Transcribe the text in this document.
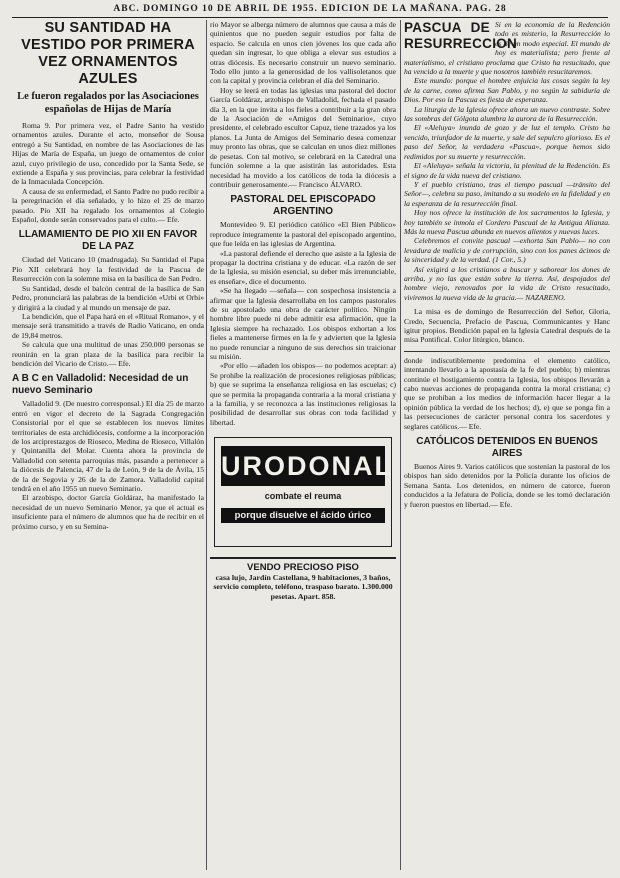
ABC. DOMINGO 10 DE ABRIL DE 1955. EDICION DE LA MAÑANA. PAG. 28
SU SANTIDAD HA VESTIDO POR PRIMERA VEZ ORNAMENTOS AZULES
Le fueron regalados por las Asociaciones españolas de Hijas de María

Roma 9. Por primera vez, el Padre Santo ha vestido ornamentos azules. Durante el acto, monseñor de Sousa entregó a Su Santidad, en nombre de las Asociaciones de las Hijas de María de España, un juego de ornamentos de color azul, cuyo privilegio de uso, concedido por la Santa Sede, se extiende a España y sus provincias, para celebrar la festividad de la Inmaculada Concepción.

A causa de su enfermedad, el Santo Padre no pudo recibir a la peregrinación el día señalado, y lo hizo el 25 de marzo pasado. Pío XII ha regalado los ornamentos al Colegio Español, donde serán conservados para el culto.— Efe.

LLAMAMIENTO DE PIO XII EN FAVOR DE LA PAZ

Ciudad del Vaticano 10 (madrugada). Su Santidad el Papa Pío XII celebrará hoy la festividad de la Pascua de Resurrección con la solemne misa en la basílica de San Pedro.

Su Santidad, desde el balcón central de la basílica de San Pedro, pronunciará las palabras de la bendición «Urbi et Orbi» y dirigirá a la ciudad y al mundo un mensaje de paz.

La bendición, que el Papa hará en el «Ritual Romano», y el mensaje será transmitido a través de Radio Vaticano, en onda de 19,84 metros.

Se calcula que una multitud de unas 250.000 personas se reunirán en la gran plaza de la basílica para recibir la bendición del Vicario de Cristo.— Efe.

A B C en Valladolid: Necesidad de un nuevo Seminario

Valladolid 9. (De nuestro corresponsal.) El día 25 de marzo entró en vigor el decreto de la Sagrada Congregación Consistorial por el que se establecen los nuevos límites territoriales de esta archidiócesis, conforme a la incorporación de los arciprestazgos de Rioseco, Medina de Rioseco, Villalón y Quintanilla del Molar. Cuenta ahora la provincia de Valladolid con setenta parroquias más, pasando a pertenecer a la diócesis de Palencia, 47 de la de León, 9 de la de Ávila, 15 de la de Segovia y 26 de la de Zamora. Valladolid capital tendrá en el año 1955 un nuevo Seminario.

El arzobispo, doctor García Goldáraz, ha manifestado la necesidad de un nuevo Seminario Menor, ya que el actual es insuficiente para el número de alumnos que ha de recibir en el próximo curso, y en su Semina-

rio Mayor se alberga número de alumnos que causa a más de quinientos que no pueden seguir estudios por falta de espacio. Se calcula en unos cien jóvenes los que cada año quedan sin ingresar, lo que obliga a elevar sus estudios a otras diócesis. Es necesario construir un nuevo seminario. Todo ello junto a la generosidad de los vallisoletanos que con la capital y provincia celebran el día del Seminario.

Hoy se leerá en todas las iglesias una pastoral del doctor García Goldáraz, arzobispo de Valladolid, fechada el pasado día 3, en la que invita a los fieles a contribuir a la gran obra de la Asociación de «Amigos del Seminario», cuyo presidente, el celebrado escultor Capuz, tiene trazados ya los planos. La Junta de Amigos del Seminario desea comenzar muy pronto las obras, que se calculan en unos diez millones de pesetas. Con tal motivo, se celebrará en la Catedral una función solemne a la que asistirán las autoridades. Esta necesidad ha movido a los católicos de toda la diócesis a contribuir generosamente.— Francisco ÁLVARO.

PASTORAL DEL EPISCOPADO ARGENTINO

Montevideo 9. El periódico católico «El Bien Público» reproduce íntegramente la pastoral del episcopado argentino, que fue leída en las iglesias de Argentina.

«La pastoral defiende el derecho que asiste a la Iglesia de propagar la doctrina cristiana y de educar. «La razón de ser de la Iglesia, su misión esencial, su deber más irrenunciable, es enseñar», dice el documento.

«Se ha llegado —señala— con sospechosa insistencia a afirmar que la Iglesia desarrollaba en los campos pastorales de su apostolado una obra de carácter político. Ningún hombre libre puede ni debe admitir esa afirmación, que la Iglesia siempre ha rechazado. Los obispos exhortan a los fieles a mantenerse firmes en la fe y advierten que la Iglesia no puede renunciar a ninguno de sus derechos sin traicionar su misión.

«Por ello —añaden los obispos— no podemos aceptar: a) Se prohíbe la realización de procesiones religiosas públicas; b) que se suprima la enseñanza religiosa en las escuelas; c) que se permita la propaganda contraria a la moral cristiana y a la familia, y se reconozca a las instituciones religiosas la posibilidad de desarrollar sus obras con toda facilidad y libertad.

URODONAL
combate el reuma
porque disuelve el ácido úrico
VENDO PRECIOSO PISO
casa lujo, Jardín Castellana, 9 habitaciones, 3 baños, servicio completo, teléfono, traspaso barato. 1.300.000 pesetas. Apart. 858.
PASCUA DE RESURRECCION

Si en la economía de la Redención todo es misterio, la Resurrección lo es de un modo especial. El mundo de hoy es materialista; pero frente al materialismo, el cristiano proclama que Cristo ha resucitado, que ha vencido a la muerte y que nosotros también resucitaremos.

Este mundo: porque el hombre enjuicia las cosas según la ley de la carne, como afirma San Pablo, y no según la sabiduría de Dios. Por eso la Pascua es fiesta de esperanza.

La liturgia de la Iglesia ofrece ahora un nuevo contraste. Sobre las sombras del Gólgota alumbra la aurora de la Resurrección.

El «Aleluya» inunda de gozo y de luz el templo. Cristo ha vencido, triunfador de la muerte, y sale del sepulcro glorioso. Es el paso del Señor, la verdadera «Pascua», porque hemos sido redimidos por su muerte y resurrección.

El «Aleluya» señala la victoria, la plenitud de la Redención. Es el signo de la vida nueva del cristiano.

Y el pueblo cristiano, tras el tiempo pascual —tránsito del Señor—, celebra su paso, imitando a su modelo en la fidelidad y en la esperanza de la resurrección final.

Hoy nos ofrece la institución de los sacramentos la Iglesia, y hoy también se inmola el Cordero Pascual de la Antigua Alianza. Más la nueva Pascua abunda en nuevos alientos y nuevas luces.

Celebremos el convite pascual —exhorta San Pablo— no con levadura de malicia y de corrupción, sino con los panes ácimos de la sinceridad y de la verdad. (1 Cor., 5.)

Así exigirá a los cristianos a buscar y saborear los dones de arriba, y no las que están sobre la tierra. Así, despojados del hombre viejo, renovados por la vida de Cristo resucitado, viviremos la nueva vida de la gracia.— NAZARENO.

La misa es de domingo de Resurrección del Señor, Gloria, Credo, Secuencia, Prefacio de Pascua, Communicantes y Hanc igitur propios. Bendición papal en la Iglesia Catedral después de la misa Pontifical. Color litúrgico, blanco.

donde indiscutiblemente predomina el elemento católico, intentando llevarlo a la apostasía de la fe del pueblo; b) mientras continúe el hostigamiento contra la Iglesia, los obispos llevarán a cabo nuevas acciones de propaganda contra la moral cristiana; c) que se prohíban a los medios de información hacer llegar a la opinión pública la verdad de los hechos; d), e) que se ponga fin a las persecuciones de carácter personal contra los sacerdotes y seglares católicos.— Efe.

CATÓLICOS DETENIDOS EN BUENOS AIRES

Buenos Aires 9. Varios católicos que sostenían la pastoral de los obispos han sido detenidos por la Policía durante los oficios de Semana Santa. Los detenidos, en número de catorce, fueron conducidos a la Jefatura de Policía, donde se les tomó declaración y fueron puestos en libertad.— Efe.
